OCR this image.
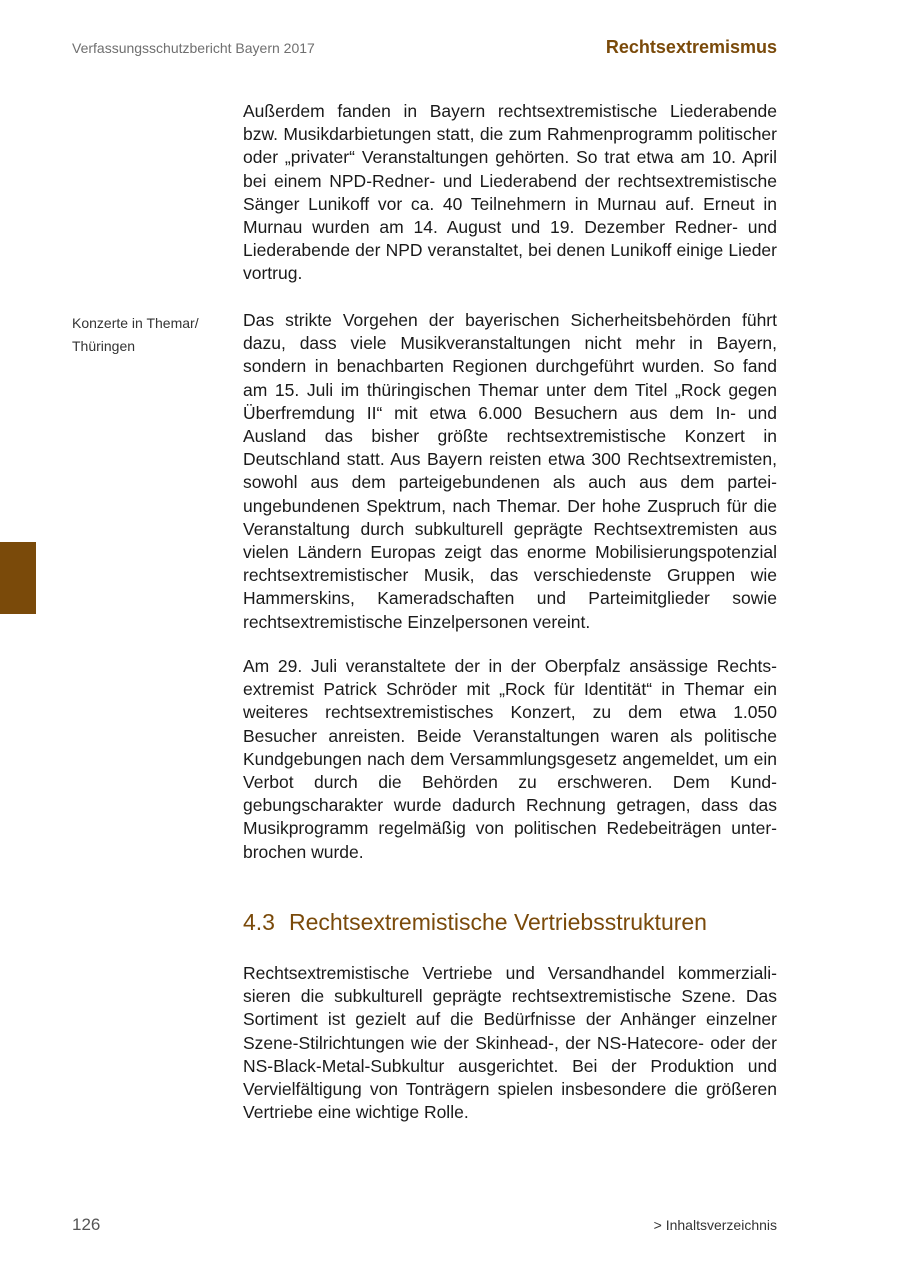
Verfassungsschutzbericht Bayern 2017	Rechtsextremismus
Konzerte in Themar/
Thüringen

Außerdem fanden in Bayern rechtsextremistische Liederabende bzw. Musikdarbietungen statt, die zum Rahmenprogramm politischer oder „privater“ Veranstaltungen gehörten. So trat etwa am 10. April bei einem NPD-Redner- und Liederabend der rechtsextremistische Sänger Lunikoff vor ca. 40 Teilnehmern in Murnau auf. Erneut in Murnau wurden am 14. August und 19. Dezember Redner- und Liederabende der NPD veranstaltet, bei denen Lunikoff einige Lieder vortrug.

Das strikte Vorgehen der bayerischen Sicherheitsbehörden führt dazu, dass viele Musikveranstaltungen nicht mehr in Bayern, sondern in benachbarten Regionen durchgeführt wurden. So fand am 15. Juli im thüringischen Themar unter dem Titel „Rock gegen Überfremdung II“ mit etwa 6.000 Besuchern aus dem In- und Ausland das bisher größte rechtsextremistische Konzert in Deutschland statt. Aus Bayern reisten etwa 300 Rechtsextremisten, sowohl aus dem parteigebundenen als auch aus dem parteiungebundenen Spektrum, nach Themar. Der hohe Zuspruch für die Veranstaltung durch subkulturell geprägte Rechtsextremisten aus vielen Ländern Europas zeigt das enorme Mobilisierungspotenzial rechtsextremistischer Musik, das verschiedenste Gruppen wie Hammerskins, Kameradschaften und Parteimitglieder sowie rechtsextremistische Einzelpersonen vereint.

Am 29. Juli veranstaltete der in der Oberpfalz ansässige Rechtsextremist Patrick Schröder mit „Rock für Identität“ in Themar ein weiteres rechtsextremistisches Konzert, zu dem etwa 1.050 Besucher anreisten. Beide Veranstaltungen waren als politische Kundgebungen nach dem Versammlungsgesetz angemeldet, um ein Verbot durch die Behörden zu erschweren. Dem Kundgebungscharakter wurde dadurch Rechnung getragen, dass das Musikprogramm regelmäßig von politischen Redebeiträgen unterbrochen wurde.

4.3 Rechtsextremistische Vertriebsstrukturen

Rechtsextremistische Vertriebe und Versandhandel kommerzialisieren die subkulturell geprägte rechtsextremistische Szene. Das Sortiment ist gezielt auf die Bedürfnisse der Anhänger einzelner Szene-Stilrichtungen wie der Skinhead-, der NS-Hatecore- oder der NS-Black-Metal-Subkultur ausgerichtet. Bei der Produktion und Vervielfältigung von Tonträgern spielen insbesondere die größeren Vertriebe eine wichtige Rolle.

126	> Inhaltsverzeichnis
